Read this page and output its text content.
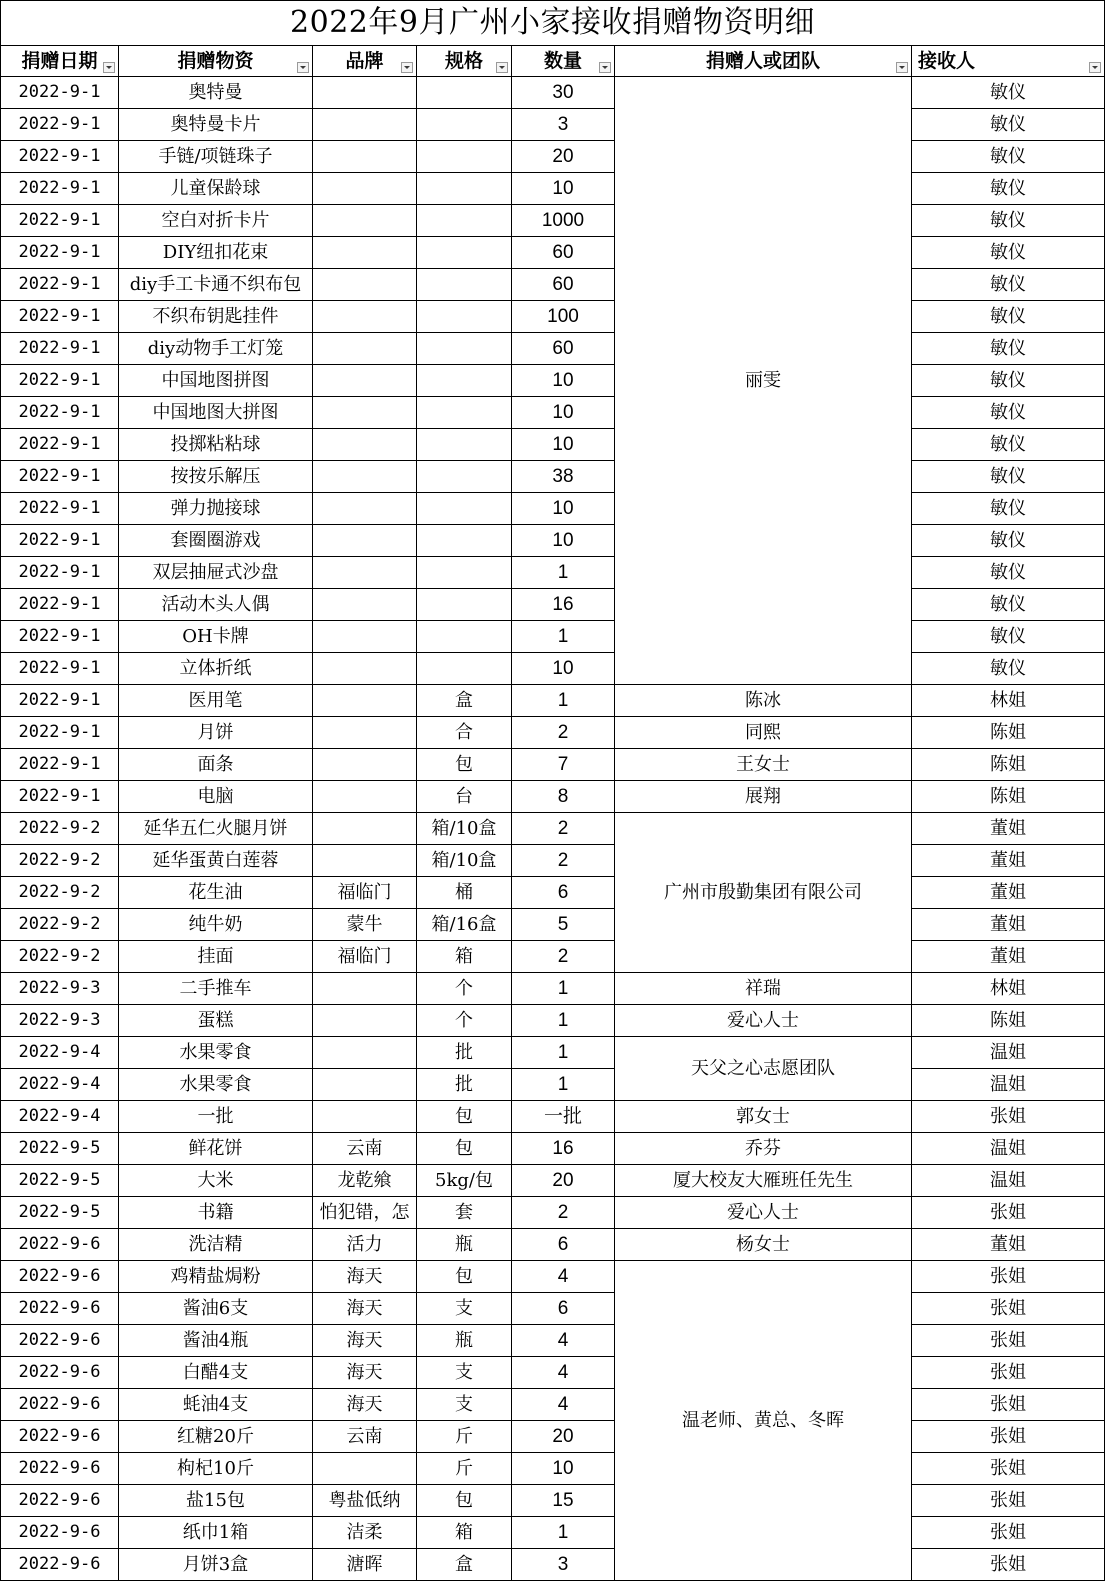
2022年9月广州小家接收捐赠物资明细						
捐赠日期	捐赠物资	品牌	规格	数量	捐赠人或团队	接收人

2022-9-1	奥特曼			30	丽雯	敏仪
2022-9-1	奥特曼卡片			3		敏仪
2022-9-1	手链/项链珠子			20		敏仪
2022-9-1	儿童保龄球			10		敏仪
2022-9-1	空白对折卡片			1000		敏仪
2022-9-1	DIY纽扣花束			60		敏仪
2022-9-1	diy手工卡通不织布包			60		敏仪
2022-9-1	不织布钥匙挂件			100		敏仪
2022-9-1	diy动物手工灯笼			60		敏仪
2022-9-1	中国地图拼图			10		敏仪
2022-9-1	中国地图大拼图			10		敏仪
2022-9-1	投掷粘粘球			10		敏仪
2022-9-1	按按乐解压			38		敏仪
2022-9-1	弹力抛接球			10		敏仪
2022-9-1	套圈圈游戏			10		敏仪
2022-9-1	双层抽屉式沙盘			1		敏仪
2022-9-1	活动木头人偶			16		敏仪
2022-9-1	OH卡牌			1		敏仪
2022-9-1	立体折纸			10		敏仪
2022-9-1	医用笔		盒	1	陈冰	林姐
2022-9-1	月饼		合	2	同熙	陈姐
2022-9-1	面条		包	7	王女士	陈姐
2022-9-1	电脑		台	8	展翔	陈姐
2022-9-2	延华五仁火腿月饼		箱/10盒	2	广州市殷勤集团有限公司	董姐
2022-9-2	延华蛋黄白莲蓉		箱/10盒	2		董姐
2022-9-2	花生油	福临门	桶	6		董姐
2022-9-2	纯牛奶	蒙牛	箱/16盒	5		董姐
2022-9-2	挂面	福临门	箱	2		董姐
2022-9-3	二手推车		个	1	祥瑞	林姐
2022-9-3	蛋糕		个	1	爱心人士	陈姐
2022-9-4	水果零食		批	1	天父之心志愿团队	温姐
2022-9-4	水果零食		批	1		温姐
2022-9-4	一批		包	一批	郭女士	张姐
2022-9-5	鲜花饼	云南	包	16	乔芬	温姐
2022-9-5	大米	龙乾飨	5kg/包	20	厦大校友大雁班任先生	温姐
2022-9-5	书籍	怕犯错，怎	套	2	爱心人士	张姐
2022-9-6	洗洁精	活力	瓶	6	杨女士	董姐
2022-9-6	鸡精盐焗粉	海天	包	4	温老师、黄总、冬晖	张姐
2022-9-6	酱油6支	海天	支	6		张姐
2022-9-6	酱油4瓶	海天	瓶	4		张姐
2022-9-6	白醋4支	海天	支	4		张姐
2022-9-6	蚝油4支	海天	支	4		张姐
2022-9-6	红糖20斤	云南	斤	20		张姐
2022-9-6	枸杞10斤		斤	10		张姐
2022-9-6	盐15包	粤盐低纳	包	15		张姐
2022-9-6	纸巾1箱	洁柔	箱	1		张姐
2022-9-6	月饼3盒	溏晖	盒	3		张姐
